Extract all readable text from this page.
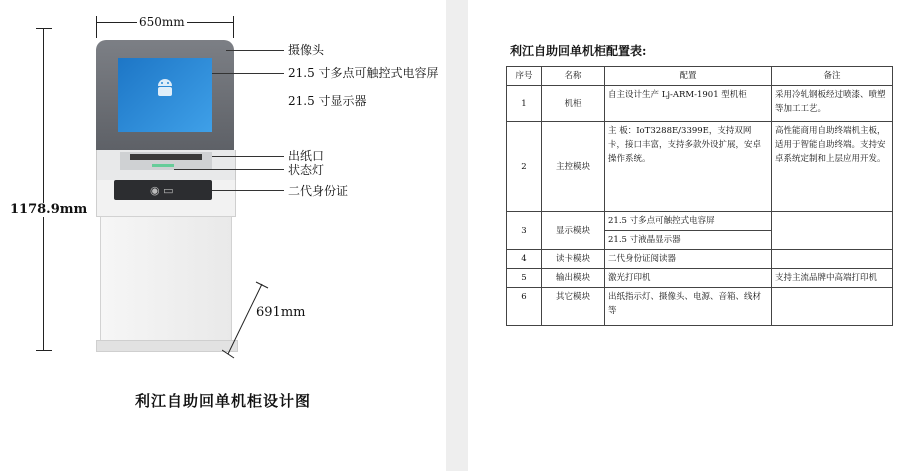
650mm
1178.9mm
◉ ▭
691mm
摄像头
21.5 寸多点可触控式电容屏
21.5 寸显示器
出纸口
状态灯
二代身份证
利江自助回单机柜设计图
利江自助回单机柜配置表:
序号	名称	配置	备注
1	机柜	自主设计生产 Lj-ARM-1901 型机柜	采用冷轧钢板经过喷漆、喷塑等加工工艺。
2	主控模块	主 板：IoT3288E/3399E，支持双网卡，接口丰富，支持多款外设扩展，安卓操作系统。	高性能商用自助终端机主板，适用于智能自助终端。支持安卓系统定制和上层应用开发。
3	显示模块	21.5 寸多点可触控式电容屏	
		21.5 寸液晶显示器	
4	读卡模块	二代身份证阅读器	
5	输出模块	激光打印机	支持主流品牌中高端打印机
6	其它模块	出纸指示灯、摄像头、电源、音箱、线材等	
